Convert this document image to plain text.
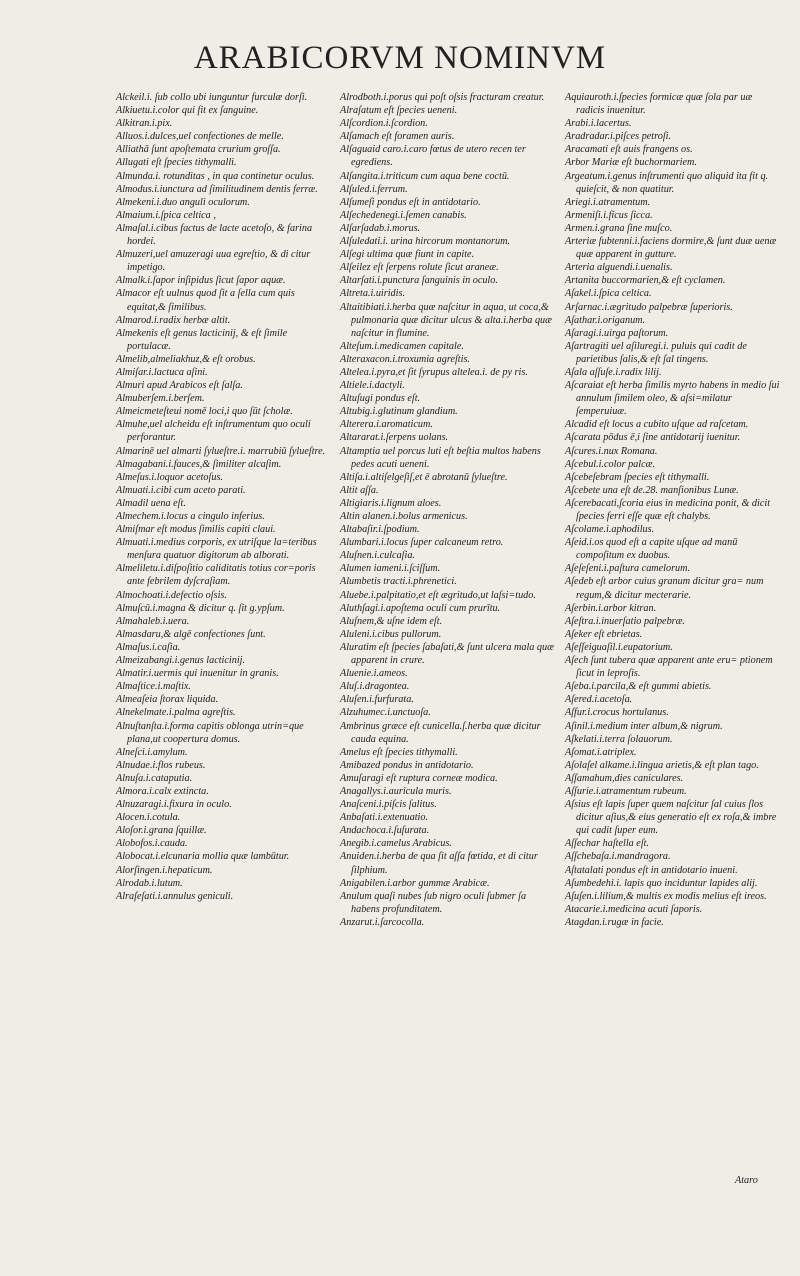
ARABICORVM NOMINVM

Alckeil.i. ſub collo ubi iunguntur furculæ dorſi.

Alkiuetu.i.color qui fit ex ſanguine.

Alkitran.i.pix.

Alluos.i.dulces,uel confectiones de melle.

Alliathā ſunt apoſtemata crurium groſſa.

Allugati eſt ſpecies tithymalli.

Almunda.i. rotunditas , in qua continetur oculus.

Almodus.i.iunctura ad ſimilitudinem dentis ferræ.

Almekeni.i.duo anguli oculorum.

Almaium.i.ſpica celtica ,

Almaſal.i.cibus factus de lacte acetoſo, & farina hordei.

Almuzeri,uel amuzeragi uua egreſtio, & di citur impetigo.

Almalk.i.ſapor inſipidus ſicut ſapor aquæ.

Almacor eſt uulnus quod ſit a ſella cum quis equitat,& ſimilibus.

Almarod.i.radix herbæ altit.

Almekenis eſt genus lacticinij, & eſt ſimile portulacæ.

Almelib,almeliakhuz,& eſt orobus.

Almiſar.i.lactuca aſini.

Almuri apud Arabicos eſt ſalſa.

Almuberſem.i.berſem.

Almeicmeteſteui nomē loci,i quo ſūt ſcholæ.

Almuhe,uel alcheidu eſt inſtrumentum quo oculi perforantur.

Almarinē uel almarti ſylueſtre.i. marrubiū ſylueſtre.

Almagabani.i.fauces,& ſimiliter alcaſim.

Almeſus.i.loquor acetoſus.

Almuati.i.cibi cum aceto parati.

Almadil uena eſt.

Almechem.i.locus a cingulo inferius.

Almiſmar eſt modus ſimilis capiti claui.

Almuati.i.medius corporis, ex utriſque la=teribus menſura quatuor digitorum ab alborati.

Almeliletu.i.diſpoſitio caliditatis totius cor=poris ante febrilem dyſcraſiam.

Almochoati.i.defectio oſsis.

Almuſcū.i.magna & dicitur q. ſit g.ypſum.

Almahaleb.i.uera.

Almasdaru,& algē confectiones ſunt.

Almaſus.i.caſia.

Almeizabangi.i.genus lacticinij.

Almatir.i.uermis qui inuenitur in granis.

Almaſtice.i.maſtix.

Almeaſeia ſtorax liquida.

Alnekelmate.i.palma agreſtis.

Alnuſtanſta.i.forma capitis oblonga utrin=que plana,ut coopertura domus.

Alneſci.i.amylum.

Alnudae.i.flos rubeus.

Alnuſa.i.cataputia.

Almora.i.calx extincta.

Alnuzaragi.i.fixura in oculo.

Alocen.i.cotula.

Aloſor.i.grana ſquillæ.

Alobofos.i.cauda.

Alobocat.i.elcunaria mollia quæ lambūtur.

Alorſingen.i.hepaticum.

Alrodab.i.lutum.

Alraſeſati.i.annulus geniculi.

Alrodboth.i.porus qui poſt oſsis fracturam creatur.

Alraſatum eſt ſpecies ueneni.

Alſcordion.i.ſcordion.

Alſamach eſt foramen auris.

Alſaguaid caro.i.caro fœtus de utero recen ter egrediens.

Alſangita.i.triticum cum aqua bene coctū.

Alſuled.i.ferrum.

Alſumeſi pondus eſt in antidotario.

Alſechedenegi.i.ſemen canabis.

Alſarſadab.i.morus.

Alſuledati.i. urina hircorum montanorum.

Alſegi ultima quæ fiunt in capite.

Alſeilez eſt ſerpens rolute ſicut araneæ.

Altarſati.i.punctura ſanguinis in oculo.

Altreta.i.uiridis.

Altaitibiati.i.herba quæ naſcitur in aqua, ut coca,& pulmonaria quæ dicitur ulcus & alta.i.herba quæ naſcitur in flumine.

Alteſum.i.medicamen capitale.

Alteraxacon.i.troxumia agreſtis.

Altelea.i.pyra,et ſit ſyrupus altelea.i. de py ris.

Altiele.i.dactyli.

Altuſugi pondus eſt.

Altubig.i.glutinum glandium.

Alterera.i.aromaticum.

Altararat.i.ſerpens uolans.

Altamptia uel porcus luti eſt beſtia multos habens pedes acuti ueneni.

Altiſa.i.altiſelgeſiſ,et ē abrotanū ſylueſtre.

Altit aſſa.

Altigiaris.i.lignum aloes.

Altin alanen.i.bolus armenicus.

Altabaſir.i.ſpodium.

Alumbari.i.locus ſuper calcaneum retro.

Aluſnen.i.culcaſia.

Alumen iameni.i.ſciſſum.

Alumbetis tracti.i.phrenetici.

Aluebe.i.palpitatio,et eſt ægritudo,ut laſsi=tudo.

Aluthſagi.i.apoſtema oculi cum prurītu.

Aluſnem,& uſne idem eſt.

Aluleni.i.cibus pullorum.

Aluratim eſt ſpecies ſabaſati,& ſunt ulcera mala quæ apparent in crure.

Aluenie.i.ameos.

Aluſ.i.dragontea.

Aluſen.i.furfurata.

Alzuhumec.i.unctuoſa.

Ambrinus græce eſt cunicella.ſ.herba quæ dicitur cauda equina.

Amelus eſt ſpecies tithymalli.

Amibazed pondus in antidotario.

Amuſaragi eſt ruptura corneæ modica.

Anagallys.i.auricula muris.

Anaſceni.i.piſcis ſalitus.

Anbaſati.i.extenuatio.

Andachoca.i.ſuſurata.

Anegib.i.camelus Arabicus.

Anuiden.i.herba de qua ſit aſſa fœtida, et di citur ſilphium.

Anigabilen.i.arbor gummæ Arabicæ.

Anulum quaſi nubes ſub nigro oculi ſubmer ſa habens profunditatem.

Anzarut.i.ſarcocolla.

Aquiauroth.i.ſpecies formicæ quæ ſola par uæ radicis inuenitur.

Arabi.i.lacertus.

Aradradar.i.piſces petroſi.

Aracamati eſt auis frangens os.

Arbor Mariæ eſt buchormariem.

Argeatum.i.genus inſtrumenti quo aliquid ita fit q. quieſcit, & non quatitur.

Ariegi.i.atramentum.

Armeniſi.i.ficus ſicca.

Armen.i.grana ſine muſco.

Arteriæ ſubtenni.i.faciens dormire,& ſunt duæ uenæ quæ apparent in gutture.

Arteria alguendi.i.uenalis.

Artanita buccormarien,& eſt cyclamen.

Aſakel.i.ſpica celtica.

Arſarnac.i.ægritudo palpebræ ſuperioris.

Aſathar.i.origanum.

Aſaragi.i.uirga paſtorum.

Aſartragiti uel aſiluregi.i. puluis qui cadit de parietibus ſalis,& eſt ſal tingens.

Aſala aſſuſe.i.radix lilij.

Aſcaraiat eſt herba ſimilis myrto habens in medio ſui annulum ſimilem oleo, & aſsi=milatur ſemperuiuæ.

Alcadid eſt locus a cubito uſque ad raſcetam.

Aſcarata pōdus ē,i ſine antidotarij iuenitur.

Aſcures.i.nux Romana.

Aſcebul.i.color palcæ.

Aſcebeſebram ſpecies eſt tithymalli.

Aſcebete una eſt de.28. manſionibus Lunæ.

Aſcerebacati,ſcoria eius in medicina ponit, & dicit ſpecies ferri eſſe quæ eſt chalybs.

Aſcolame.i.aphodilus.

Aſeid.i.os quod eſt a capite uſque ad manū compoſitum ex duobus.

Aſeſeſeni.i.paſtura camelorum.

Aſedeb eſt arbor cuius granum dicitur gra= num regum,& dicitur mecterarie.

Aſerbin.i.arbor kitran.

Aſeſtra.i.inuerſatio palpebræ.

Aſeker eſt ebrietas.

Aſeſſeiguaſil.i.eupatorium.

Aſech ſunt tubera quæ apparent ante eru= ptionem ſicut in leproſis.

Aſeba.i.parcila,& eſt gummi abietis.

Aſered.i.acetoſa.

Aſfur.i.crocus hortulanus.

Aſinil.i.medium inter album,& nigrum.

Aſkelati.i.terra ſolauorum.

Aſomat.i.atriplex.

Aſolaſel alkame.i.lingua arietis,& eſt plan tago.

Aſſamahum,dies caniculares.

Aſſurie.i.atramentum rubeum.

Aſsius eſt lapis ſuper quem naſcitur ſal cuius ſlos dicitur aſius,& eius generatio eſt ex roſa,& imbre qui cadit ſuper eum.

Aſſechar haſtella eſt.

Aſſchebaſa.i.mandragora.

Aſtatalati pondus eſt in antidotario inueni.

Aſumbedehi.i. lapis quo inciduntur lapides alij.

Aſuſen.i.lilium,& multis ex modis melius eſt ireos.

Atacarie.i.medicina acuti ſaporis.

Atagdan.i.rugæ in facie.

Ataro
